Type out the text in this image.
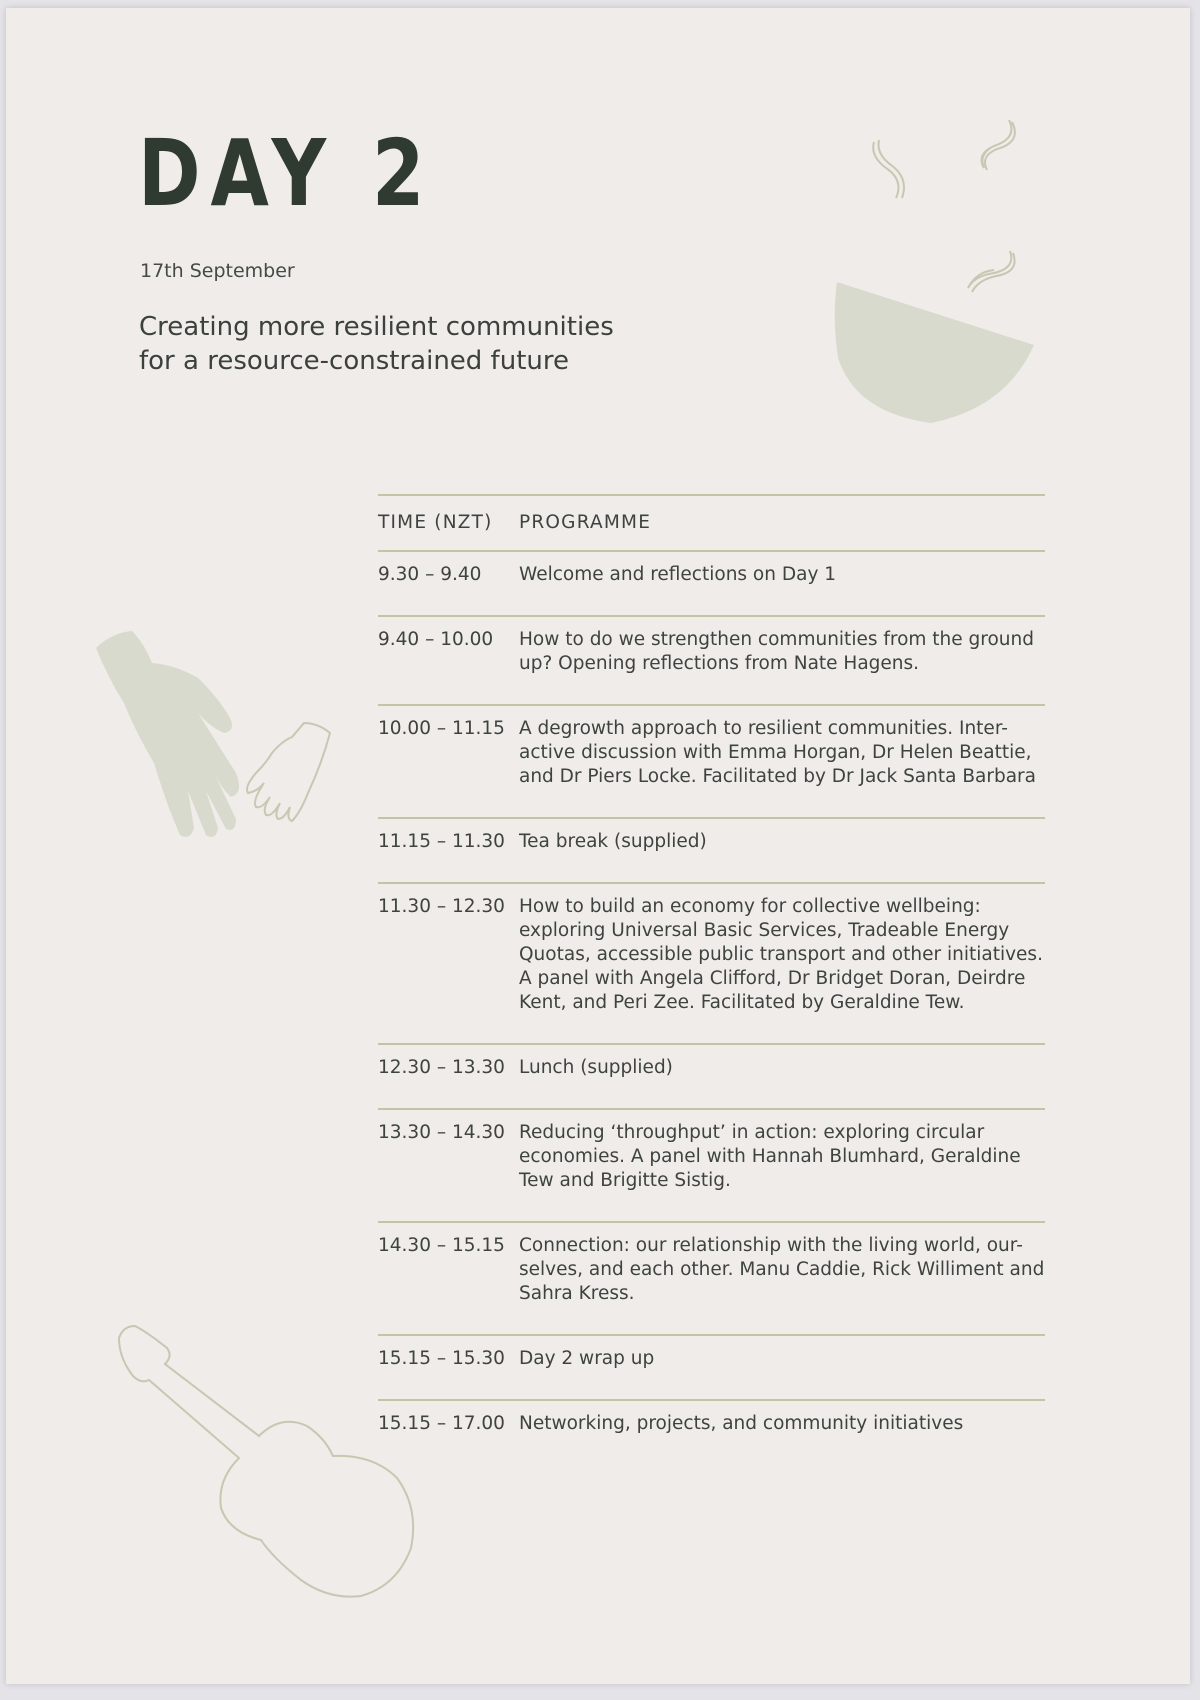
DAY 2

17th September

Creating more resilient communities
for a resource-constrained future
TIME (NZT)	PROGRAMME
9.30 – 9.40	Welcome and reflections on Day 1
9.40 – 10.00	How to do we strengthen communities from the ground up? Opening reflections from Nate Hagens.
10.00 – 11.15	A degrowth approach to resilient communities. Inter-active discussion with Emma Horgan, Dr Helen Beattie, and Dr Piers Locke. Facilitated by Dr Jack Santa Barbara
11.15 – 11.30	Tea break (supplied)
11.30 – 12.30	How to build an economy for collective wellbeing: exploring Universal Basic Services, Tradeable Energy Quotas, accessible public transport and other initiatives. A panel with Angela Clifford, Dr Bridget Doran, Deirdre Kent, and Peri Zee. Facilitated by Geraldine Tew.
12.30 – 13.30	Lunch (supplied)
13.30 – 14.30	Reducing ‘throughput’ in action: exploring circular economies. A panel with Hannah Blumhard, Geraldine Tew and Brigitte Sistig.
14.30 – 15.15	Connection: our relationship with the living world, our-selves, and each other. Manu Caddie, Rick Williment and Sahra Kress.
15.15 – 15.30	Day 2 wrap up
15.15 – 17.00	Networking, projects, and community initiatives
